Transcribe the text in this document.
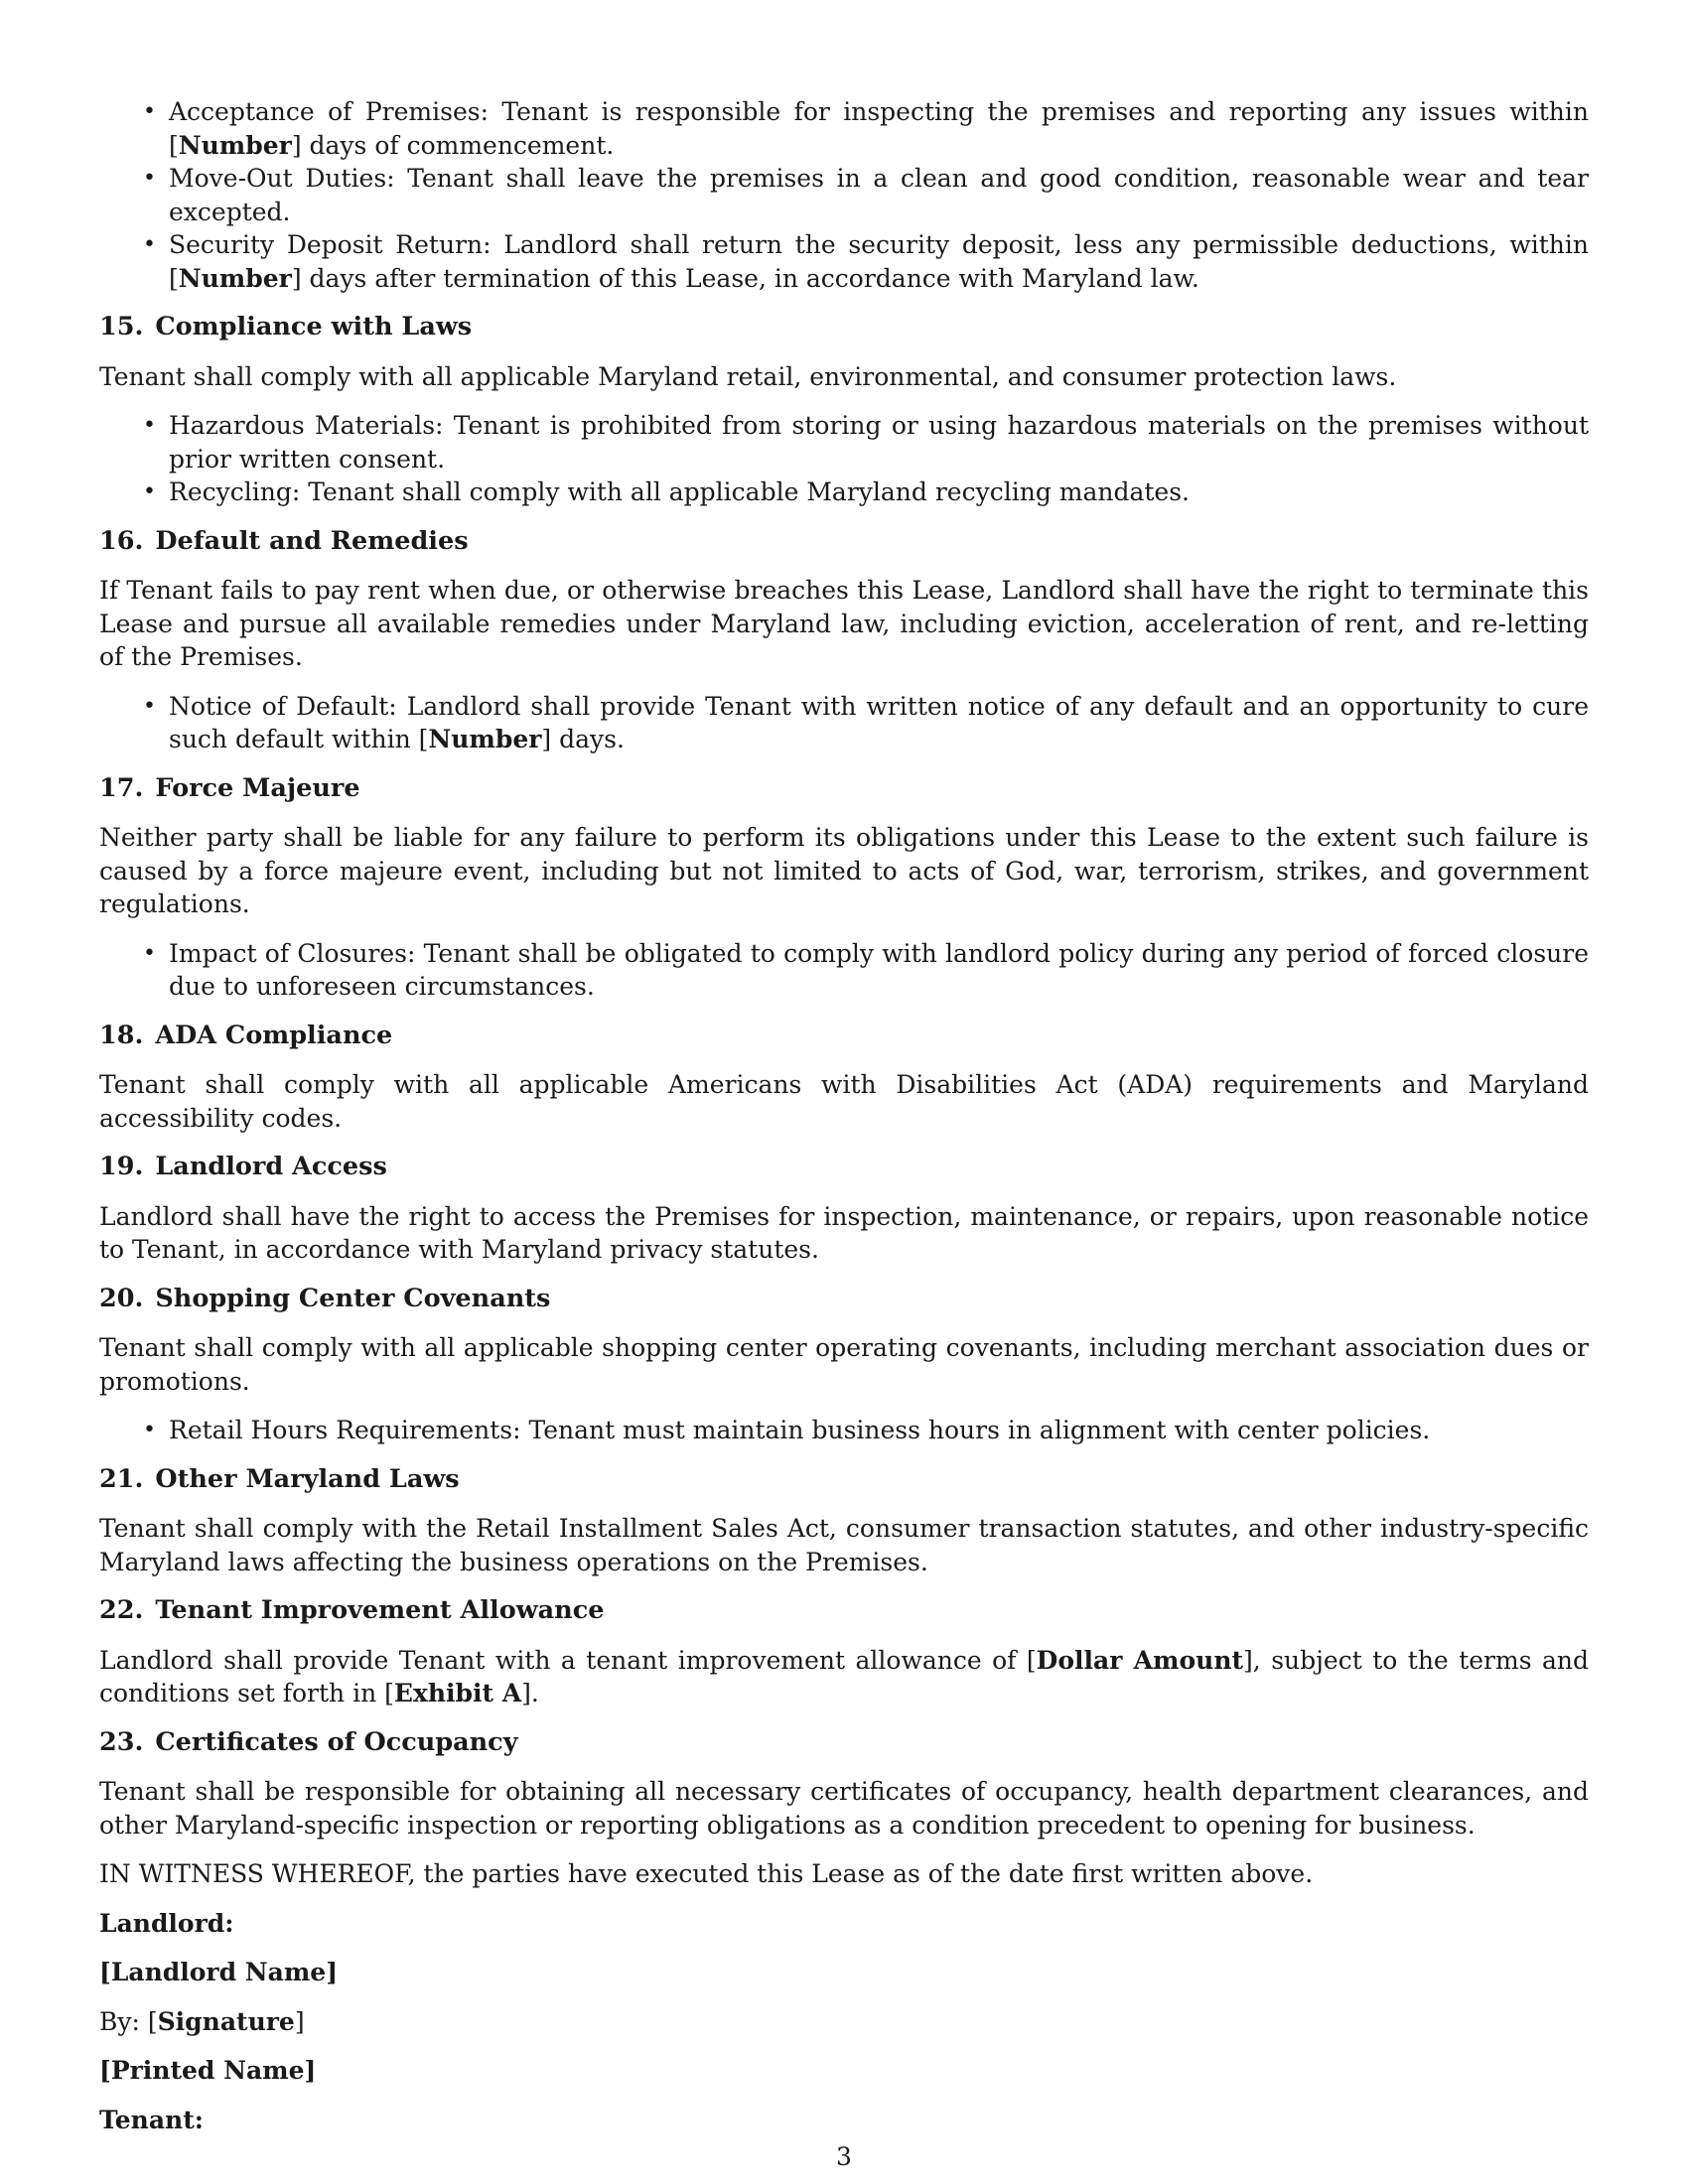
• Acceptance of Premises: Tenant is responsible for inspecting the premises and reporting any issues within [Number] days of commencement.
• Move-Out Duties: Tenant shall leave the premises in a clean and good condition, reasonable wear and tear excepted.
• Security Deposit Return: Landlord shall return the security deposit, less any permissible deductions, within [Number] days after termination of this Lease, in accordance with Maryland law.
15. Compliance with Laws

Tenant shall comply with all applicable Maryland retail, environmental, and consumer protection laws.

• Hazardous Materials: Tenant is prohibited from storing or using hazardous materials on the premises without prior written consent.
• Recycling: Tenant shall comply with all applicable Maryland recycling mandates.
16. Default and Remedies

If Tenant fails to pay rent when due, or otherwise breaches this Lease, Landlord shall have the right to terminate this Lease and pursue all available remedies under Maryland law, including eviction, acceleration of rent, and re-letting of the Premises.

• Notice of Default: Landlord shall provide Tenant with written notice of any default and an opportunity to cure such default within [Number] days.
17. Force Majeure

Neither party shall be liable for any failure to perform its obligations under this Lease to the extent such failure is caused by a force majeure event, including but not limited to acts of God, war, terrorism, strikes, and government regulations.

• Impact of Closures: Tenant shall be obligated to comply with landlord policy during any period of forced closure due to unforeseen circumstances.
18. ADA Compliance

Tenant shall comply with all applicable Americans with Disabilities Act (ADA) requirements and Maryland accessibility codes.

19. Landlord Access

Landlord shall have the right to access the Premises for inspection, maintenance, or repairs, upon reasonable notice to Tenant, in accordance with Maryland privacy statutes.

20. Shopping Center Covenants

Tenant shall comply with all applicable shopping center operating covenants, including merchant association dues or promotions.

• Retail Hours Requirements: Tenant must maintain business hours in alignment with center policies.
21. Other Maryland Laws

Tenant shall comply with the Retail Installment Sales Act, consumer transaction statutes, and other industry-specific Maryland laws affecting the business operations on the Premises.

22. Tenant Improvement Allowance

Landlord shall provide Tenant with a tenant improvement allowance of [Dollar Amount], subject to the terms and conditions set forth in [Exhibit A].

23. Certificates of Occupancy

Tenant shall be responsible for obtaining all necessary certificates of occupancy, health department clearances, and other Maryland-specific inspection or reporting obligations as a condition precedent to opening for business.

IN WITNESS WHEREOF, the parties have executed this Lease as of the date first written above.

Landlord:
[Landlord Name]
By: [Signature]
[Printed Name]
Tenant:
3
